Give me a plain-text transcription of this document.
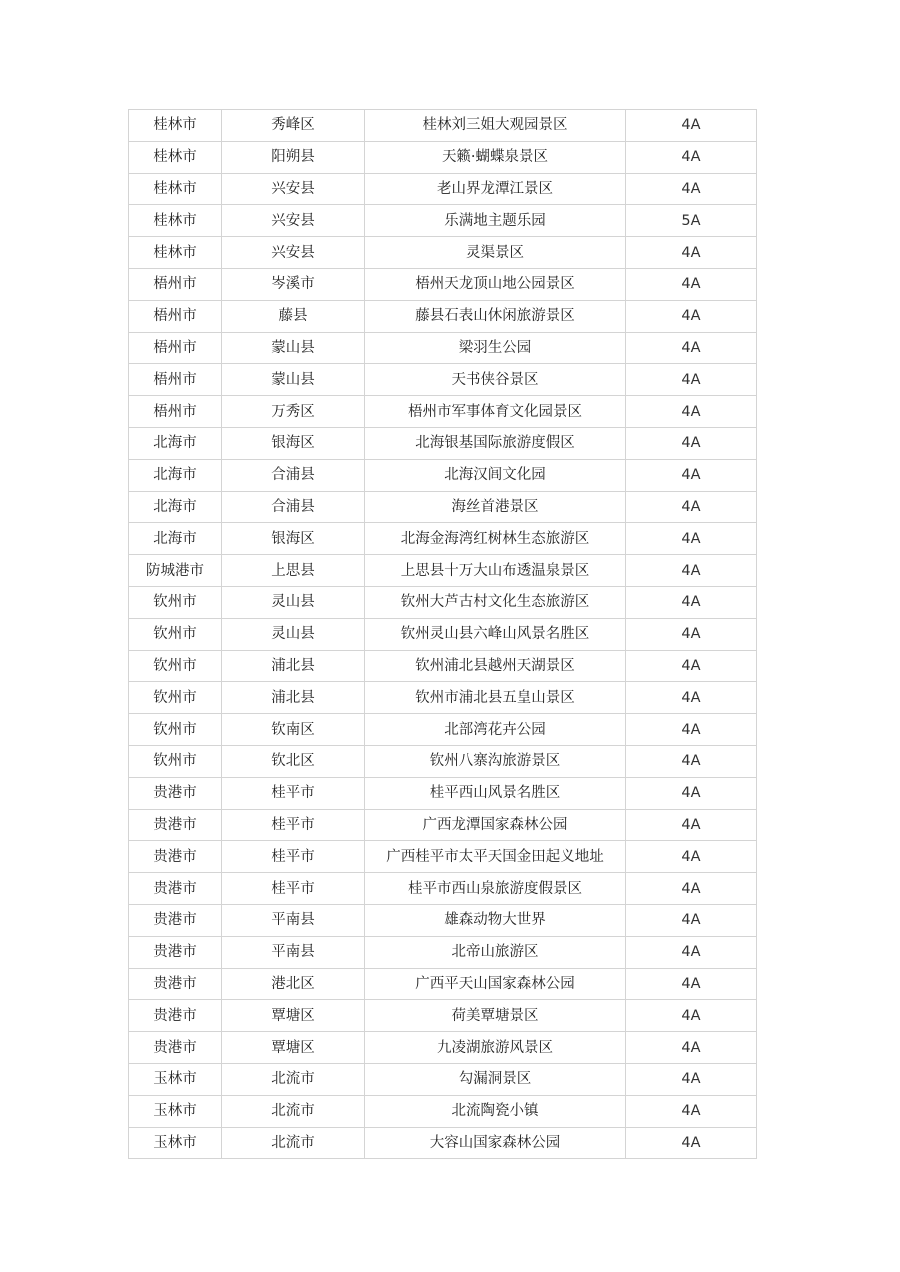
桂林市	秀峰区	桂林刘三姐大观园景区	4A
桂林市	阳朔县	天籁·蝴蝶泉景区	4A
桂林市	兴安县	老山界龙潭江景区	4A
桂林市	兴安县	乐满地主题乐园	5A
桂林市	兴安县	灵渠景区	4A
梧州市	岑溪市	梧州天龙顶山地公园景区	4A
梧州市	藤县	藤县石表山休闲旅游景区	4A
梧州市	蒙山县	梁羽生公园	4A
梧州市	蒙山县	天书侠谷景区	4A
梧州市	万秀区	梧州市军事体育文化园景区	4A
北海市	银海区	北海银基国际旅游度假区	4A
北海市	合浦县	北海汉闾文化园	4A
北海市	合浦县	海丝首港景区	4A
北海市	银海区	北海金海湾红树林生态旅游区	4A
防城港市	上思县	上思县十万大山布透温泉景区	4A
钦州市	灵山县	钦州大芦古村文化生态旅游区	4A
钦州市	灵山县	钦州灵山县六峰山风景名胜区	4A
钦州市	浦北县	钦州浦北县越州天湖景区	4A
钦州市	浦北县	钦州市浦北县五皇山景区	4A
钦州市	钦南区	北部湾花卉公园	4A
钦州市	钦北区	钦州八寨沟旅游景区	4A
贵港市	桂平市	桂平西山风景名胜区	4A
贵港市	桂平市	广西龙潭国家森林公园	4A
贵港市	桂平市	广西桂平市太平天国金田起义地址	4A
贵港市	桂平市	桂平市西山泉旅游度假景区	4A
贵港市	平南县	雄森动物大世界	4A
贵港市	平南县	北帝山旅游区	4A
贵港市	港北区	广西平天山国家森林公园	4A
贵港市	覃塘区	荷美覃塘景区	4A
贵港市	覃塘区	九凌湖旅游风景区	4A
玉林市	北流市	勾漏洞景区	4A
玉林市	北流市	北流陶瓷小镇	4A
玉林市	北流市	大容山国家森林公园	4A
